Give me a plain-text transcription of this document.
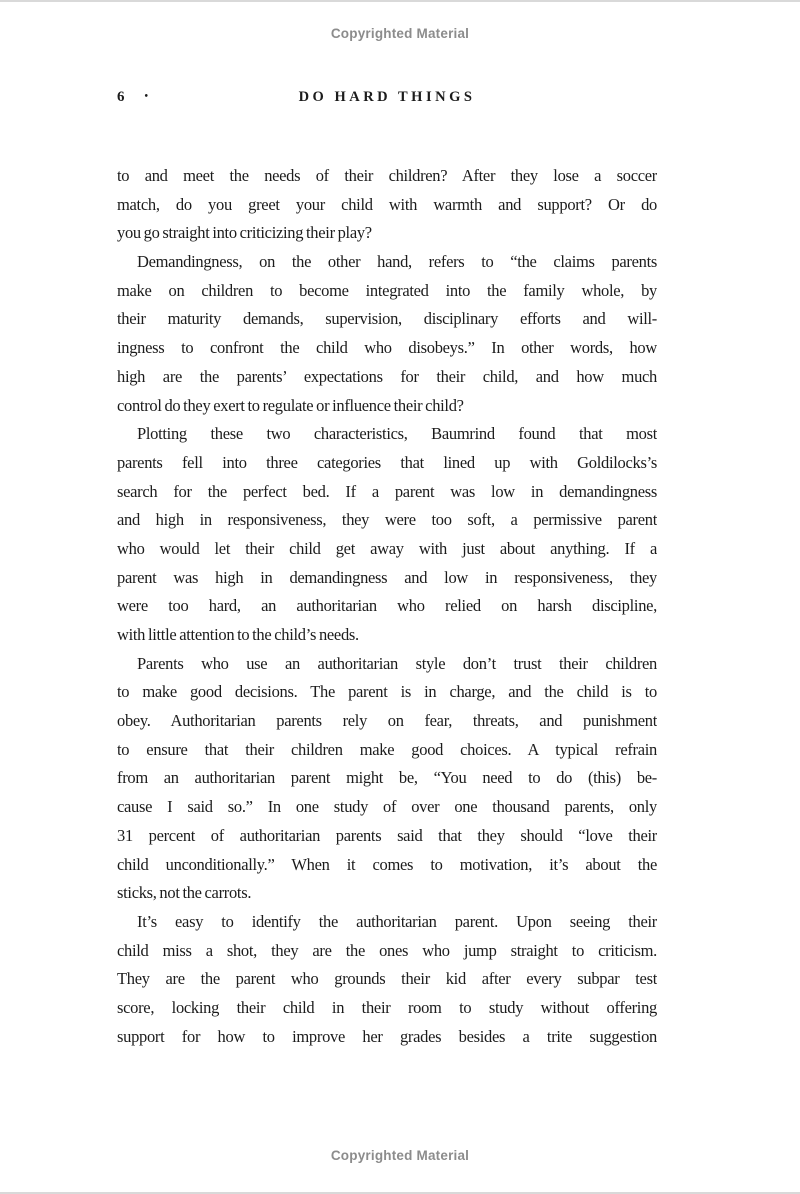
Copyrighted Material
6 •	DO HARD THINGS
to and meet the needs of their children? After they lose a soccer
match, do you greet your child with warmth and support? Or do
you go straight into criticizing their play?
Demandingness, on the other hand, refers to “the claims parents
make on children to become integrated into the family whole, by
their maturity demands, supervision, disciplinary efforts and will-
ingness to confront the child who disobeys.” In other words, how
high are the parents’ expectations for their child, and how much
control do they exert to regulate or influence their child?
Plotting these two characteristics, Baumrind found that most
parents fell into three categories that lined up with Goldilocks’s
search for the perfect bed. If a parent was low in demandingness
and high in responsiveness, they were too soft, a permissive parent
who would let their child get away with just about anything. If a
parent was high in demandingness and low in responsiveness, they
were too hard, an authoritarian who relied on harsh discipline,
with little attention to the child’s needs.
Parents who use an authoritarian style don’t trust their children
to make good decisions. The parent is in charge, and the child is to
obey. Authoritarian parents rely on fear, threats, and punishment
to ensure that their children make good choices. A typical refrain
from an authoritarian parent might be, “You need to do (this) be-
cause I said so.” In one study of over one thousand parents, only
31 percent of authoritarian parents said that they should “love their
child unconditionally.” When it comes to motivation, it’s about the
sticks, not the carrots.
It’s easy to identify the authoritarian parent. Upon seeing their
child miss a shot, they are the ones who jump straight to criticism.
They are the parent who grounds their kid after every subpar test
score, locking their child in their room to study without offering
support for how to improve her grades besides a trite suggestion
Copyrighted Material
